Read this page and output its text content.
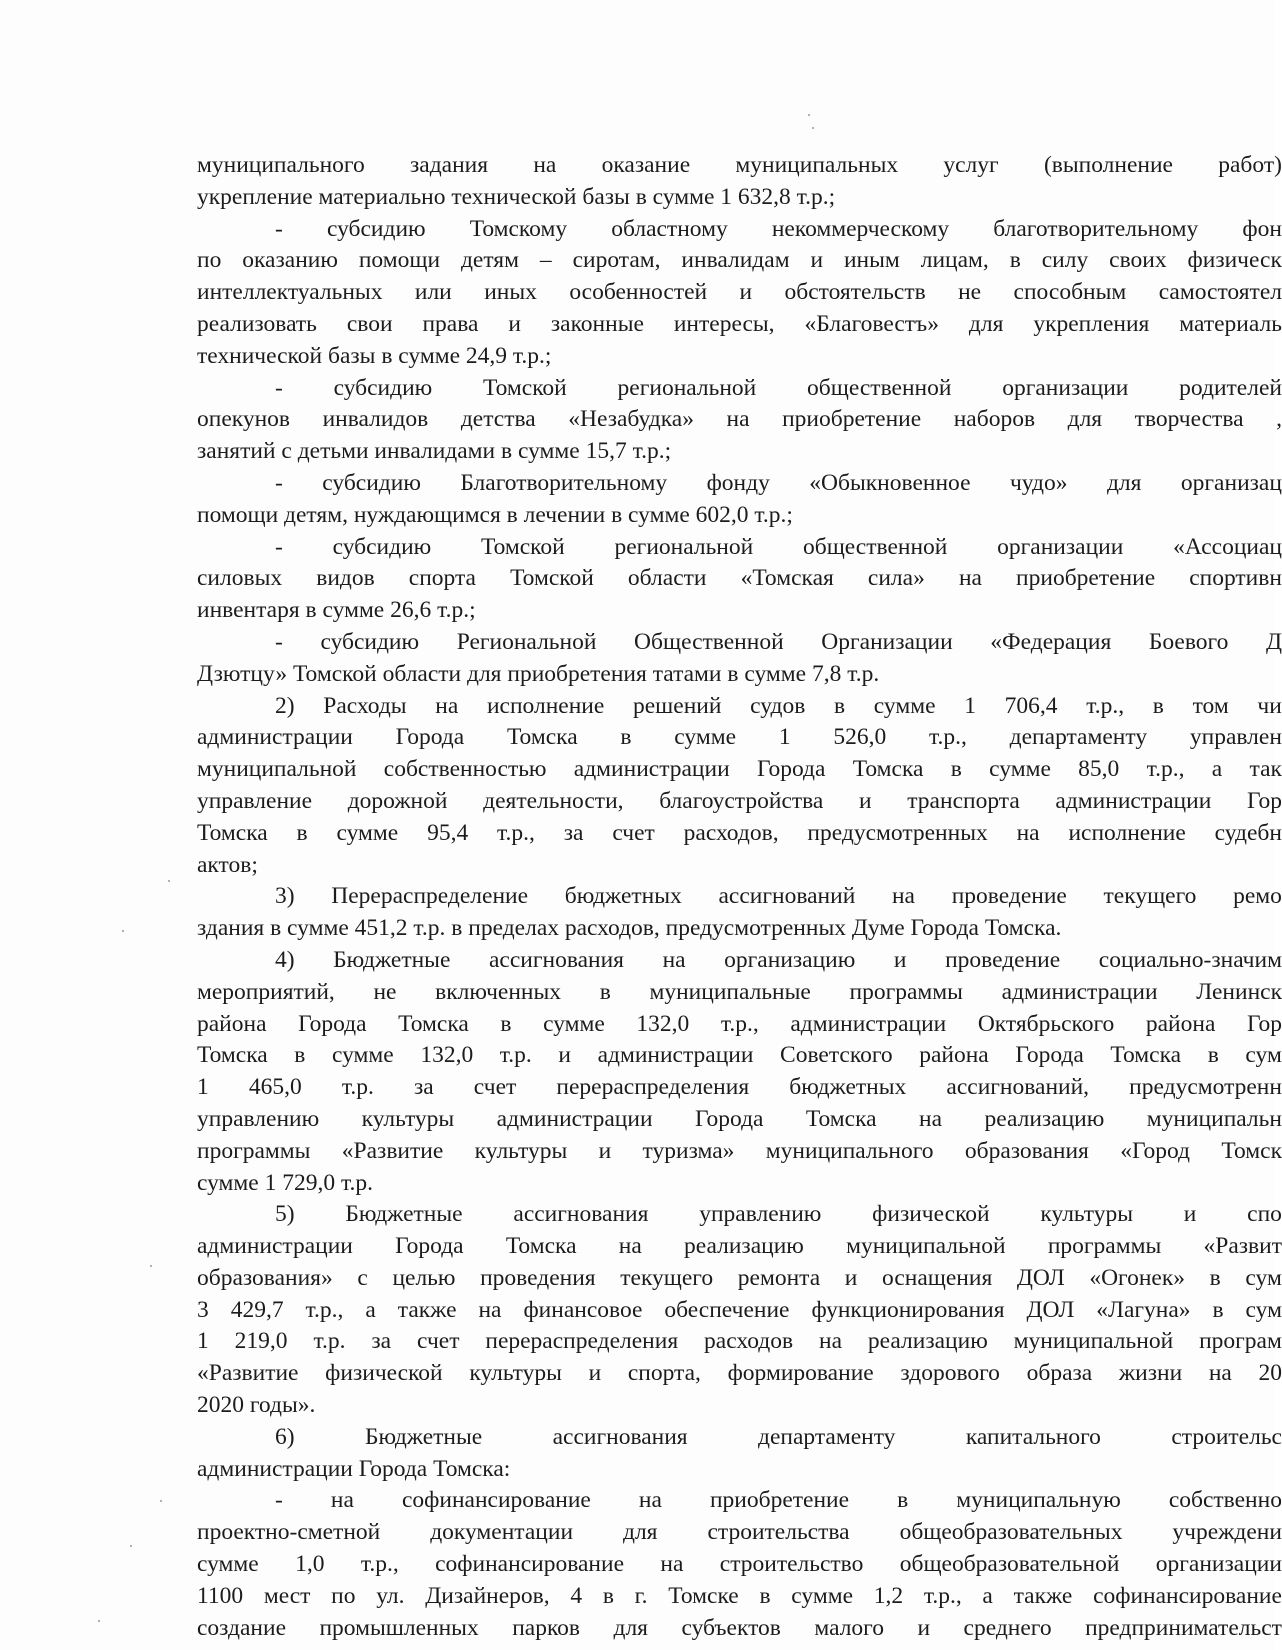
муниципального задания на оказание муниципальных услуг (выполнение работ)
укрепление материально технической базы в сумме 1 632,8 т.р.;
- субсидию Томскому областному некоммерческому благотворительному фон
по оказанию помощи детям – сиротам, инвалидам и иным лицам, в силу своих физическ
интеллектуальных или иных особенностей и обстоятельств не способным самостоятел
реализовать свои права и законные интересы, «Благовестъ» для укрепления материаль
технической базы в сумме 24,9 т.р.;
- субсидию Томской региональной общественной организации родителей
опекунов инвалидов детства «Незабудка» на приобретение наборов для творчества ,
занятий с детьми инвалидами в сумме 15,7 т.р.;
- субсидию Благотворительному фонду «Обыкновенное чудо» для организац
помощи детям, нуждающимся в лечении в сумме 602,0 т.р.;
- субсидию Томской региональной общественной организации «Ассоциац
силовых видов спорта Томской области «Томская сила» на приобретение спортивн
инвентаря в сумме 26,6 т.р.;
- субсидию Региональной Общественной Организации «Федерация Боевого Д
Дзютцу» Томской области для приобретения татами в сумме 7,8 т.р.
2) Расходы на исполнение решений судов в сумме 1 706,4 т.р., в том чи
администрации Города Томска в сумме 1 526,0 т.р., департаменту управлен
муниципальной собственностью администрации Города Томска в сумме 85,0 т.р., а так
управление дорожной деятельности, благоустройства и транспорта администрации Гор
Томска в сумме 95,4 т.р., за счет расходов, предусмотренных на исполнение судебн
актов;
3) Перераспределение бюджетных ассигнований на проведение текущего ремо
здания в сумме 451,2 т.р. в пределах расходов, предусмотренных Думе Города Томска.
4) Бюджетные ассигнования на организацию и проведение социально-значим
мероприятий, не включенных в муниципальные программы администрации Ленинск
района Города Томска в сумме 132,0 т.р., администрации Октябрьского района Гор
Томска в сумме 132,0 т.р. и администрации Советского района Города Томска в сум
1 465,0 т.р. за счет перераспределения бюджетных ассигнований, предусмотренн
управлению культуры администрации Города Томска на реализацию муниципальн
программы «Развитие культуры и туризма» муниципального образования «Город Томск
сумме 1 729,0 т.р.
5) Бюджетные ассигнования управлению физической культуры и спо
администрации Города Томска на реализацию муниципальной программы «Развит
образования» с целью проведения текущего ремонта и оснащения ДОЛ «Огонек» в сум
3 429,7 т.р., а также на финансовое обеспечение функционирования ДОЛ «Лагуна» в сум
1 219,0 т.р. за счет перераспределения расходов на реализацию муниципальной програм
«Развитие физической культуры и спорта, формирование здорового образа жизни на 20
2020 годы».
6)	Бюджетные	ассигнования	департаменту	капитального	строительс
администрации Города Томска:
- на софинансирование на приобретение в муниципальную собственно
проектно-сметной документации для строительства общеобразовательных учреждени
сумме 1,0 т.р., софинансирование на строительство общеобразовательной организации
1100 мест по ул. Дизайнеров, 4 в г. Томске в сумме 1,2 т.р., а также софинансирование
создание промышленных парков для субъектов малого и среднего предпринимательст
